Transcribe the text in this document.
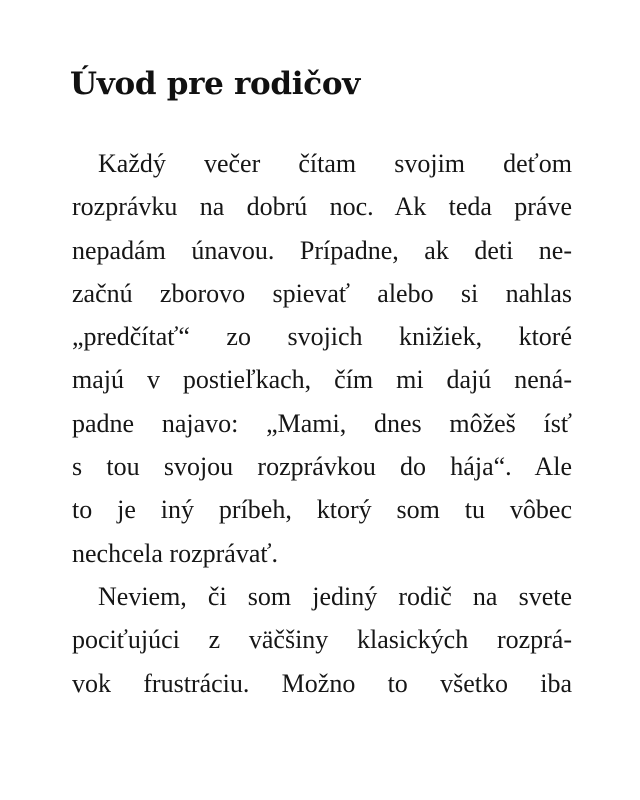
Úvod pre rodičov
Každý večer čítam svojim deťom
rozprávku na dobrú noc. Ak teda práve
nepadám únavou. Prípadne, ak deti ne-
začnú zborovo spievať alebo si nahlas
„predčítať“ zo svojich knižiek, ktoré
majú v postieľkach, čím mi dajú nená-
padne najavo: „Mami, dnes môžeš ísť
s tou svojou rozprávkou do hája“. Ale
to je iný príbeh, ktorý som tu vôbec
nechcela rozprávať.
Neviem, či som jediný rodič na svete
pociťujúci z väčšiny klasických rozprá-
vok frustráciu. Možno to všetko iba
